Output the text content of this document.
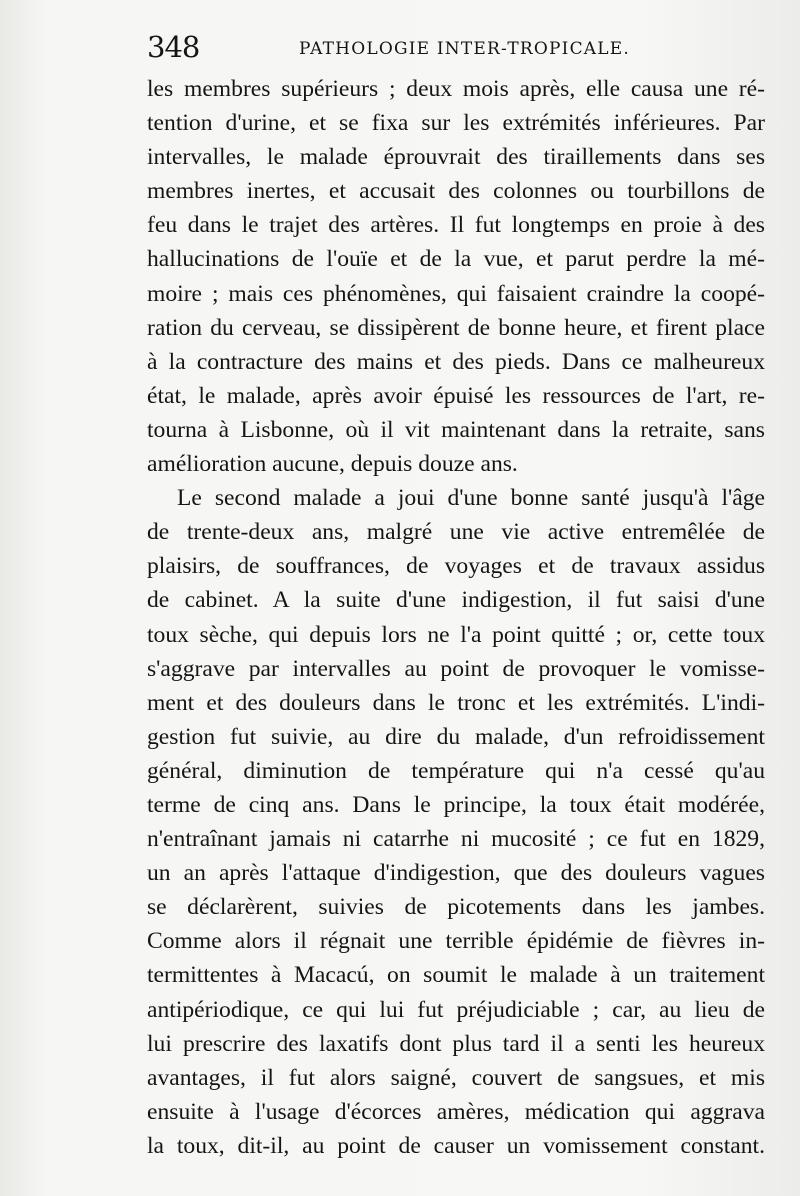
348	PATHOLOGIE INTER-TROPICALE.
les membres supérieurs ; deux mois après, elle causa une ré-
tention d'urine, et se fixa sur les extrémités inférieures. Par
intervalles, le malade éprouvrait des tiraillements dans ses
membres inertes, et accusait des colonnes ou tourbillons de
feu dans le trajet des artères. Il fut longtemps en proie à des
hallucinations de l'ouïe et de la vue, et parut perdre la mé-
moire ; mais ces phénomènes, qui faisaient craindre la coopé-
ration du cerveau, se dissipèrent de bonne heure, et firent place
à la contracture des mains et des pieds. Dans ce malheureux
état, le malade, après avoir épuisé les ressources de l'art, re-
tourna à Lisbonne, où il vit maintenant dans la retraite, sans
amélioration aucune, depuis douze ans.
Le second malade a joui d'une bonne santé jusqu'à l'âge
de trente-deux ans, malgré une vie active entremêlée de
plaisirs, de souffrances, de voyages et de travaux assidus
de cabinet. A la suite d'une indigestion, il fut saisi d'une
toux sèche, qui depuis lors ne l'a point quitté ; or, cette toux
s'aggrave par intervalles au point de provoquer le vomisse-
ment et des douleurs dans le tronc et les extrémités. L'indi-
gestion fut suivie, au dire du malade, d'un refroidissement
général, diminution de température qui n'a cessé qu'au
terme de cinq ans. Dans le principe, la toux était modérée,
n'entraînant jamais ni catarrhe ni mucosité ; ce fut en 1829,
un an après l'attaque d'indigestion, que des douleurs vagues
se déclarèrent, suivies de picotements dans les jambes.
Comme alors il régnait une terrible épidémie de fièvres in-
termittentes à Macacú, on soumit le malade à un traitement
antipériodique, ce qui lui fut préjudiciable ; car, au lieu de
lui prescrire des laxatifs dont plus tard il a senti les heureux
avantages, il fut alors saigné, couvert de sangsues, et mis
ensuite à l'usage d'écorces amères, médication qui aggrava
la toux, dit-il, au point de causer un vomissement constant.
